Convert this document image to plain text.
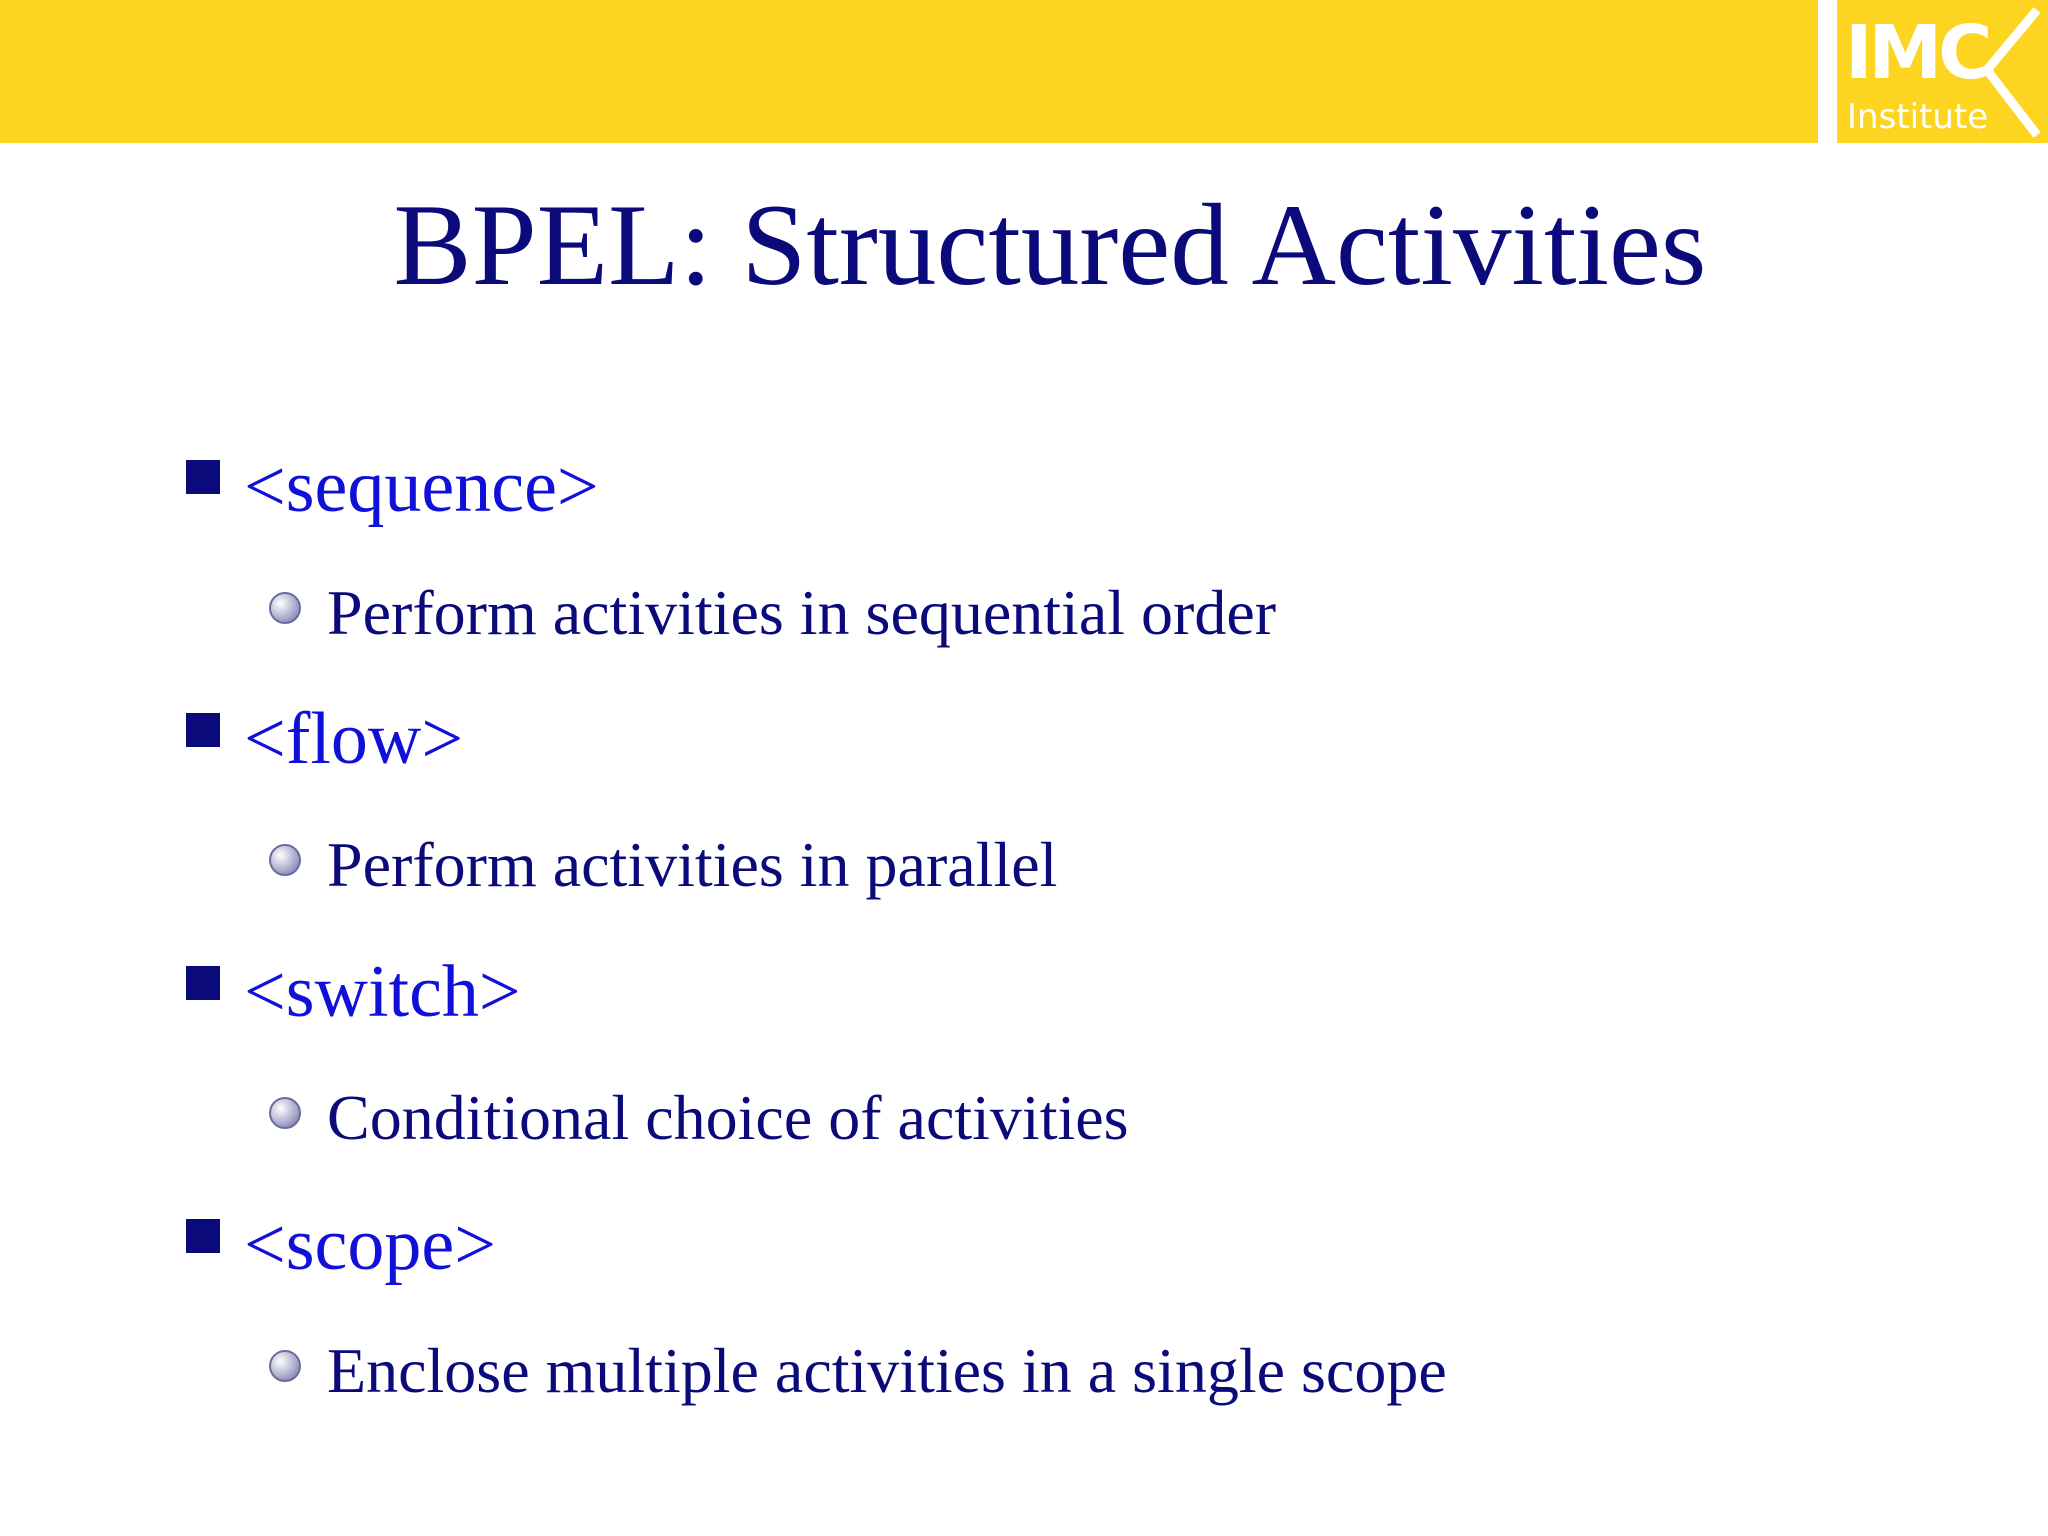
IMC
Institute
BPEL: Structured Activities
<sequence>
Perform activities in sequential order
<flow>
Perform activities in parallel
<switch>
Conditional choice of activities
<scope>
Enclose multiple activities in a single scope
